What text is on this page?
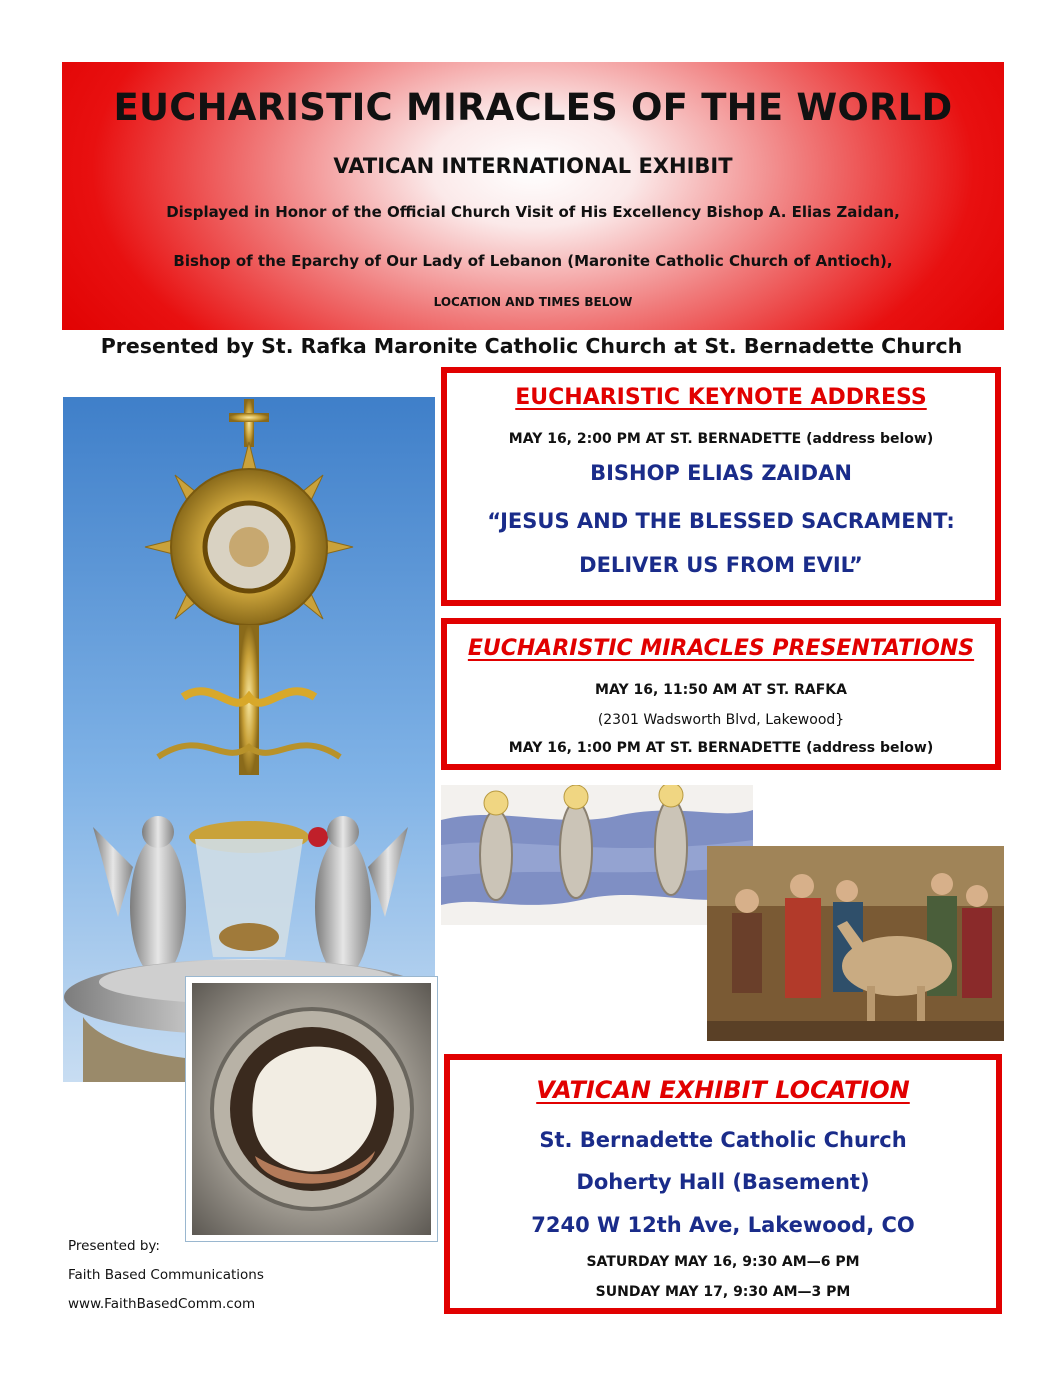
EUCHARISTIC MIRACLES OF THE WORLD
VATICAN INTERNATIONAL EXHIBIT
Displayed in Honor of the Official Church Visit of His Excellency Bishop A. Elias Zaidan,
Bishop of the Eparchy of Our Lady of Lebanon (Maronite Catholic Church of Antioch),
LOCATION AND TIMES BELOW
Presented by St. Rafka Maronite Catholic Church at St. Bernadette Church
EUCHARISTIC KEYNOTE ADDRESS
MAY 16, 2:00 PM AT ST. BERNADETTE (address below)
BISHOP ELIAS ZAIDAN
“JESUS AND THE BLESSED SACRAMENT:
DELIVER US FROM EVIL”
EUCHARISTIC MIRACLES PRESENTATIONS
MAY 16, 11:50 AM AT ST. RAFKA
(2301 Wadsworth Blvd, Lakewood}
MAY 16, 1:00 PM AT ST. BERNADETTE (address below)
VATICAN EXHIBIT LOCATION
St. Bernadette Catholic Church
Doherty Hall (Basement)
7240 W 12th Ave, Lakewood, CO
SATURDAY MAY 16, 9:30 AM—6 PM
SUNDAY MAY 17, 9:30 AM—3 PM
Presented by:
Faith Based Communications
www.FaithBasedComm.com
